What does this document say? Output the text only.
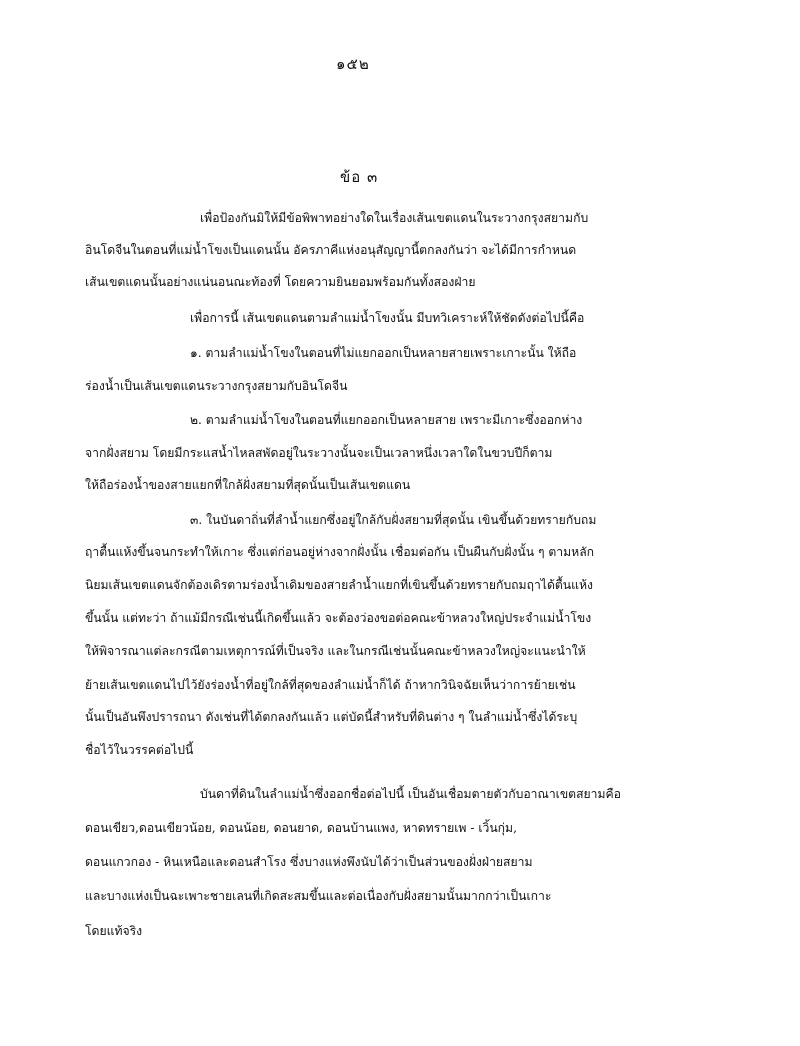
๑๕๒
ข้อ ๓
เพื่อป้องกันมิให้มีข้อพิพาทอย่างใดในเรื่องเส้นเขตแดนในระวางกรุงสยามกับ
อินโดจีนในตอนที่แม่น้ำโขงเป็นแดนนั้น อัครภาคีแห่งอนุสัญญานี้ตกลงกันว่า จะได้มีการกำหนด
เส้นเขตแดนนั้นอย่างแน่นอนณะท้องที่ โดยความยินยอมพร้อมกันทั้งสองฝ่าย
เพื่อการนี้ เส้นเขตแดนตามลำแม่น้ำโขงนั้น มีบทวิเคราะห์ให้ชัดดังต่อไปนี้คือ
๑. ตามลำแม่น้ำโขงในตอนที่ไม่แยกออกเป็นหลายสายเพราะเกาะนั้น ให้ถือ
ร่องน้ำเป็นเส้นเขตแดนระวางกรุงสยามกับอินโดจีน
๒. ตามลำแม่น้ำโขงในตอนที่แยกออกเป็นหลายสาย เพราะมีเกาะซึ่งออกห่าง
จากฝั่งสยาม โดยมีกระแสน้ำไหลสพัดอยู่ในระวางนั้นจะเป็นเวลาหนึ่งเวลาใดในขวบปีก็ตาม
ให้ถือร่องน้ำของสายแยกที่ใกล้ฝั่งสยามที่สุดนั้นเป็นเส้นเขตแดน
๓. ในบันดาถิ่นที่ลำน้ำแยกซึ่งอยู่ใกล้กับฝั่งสยามที่สุดนั้น เขินขึ้นด้วยทรายกับถม
ฤาตื้นแห้งขึ้นจนกระทำให้เกาะ ซึ่งแต่ก่อนอยู่ห่างจากฝั่งนั้น เชื่อมต่อกัน เป็นผืนกับฝั่งนั้น ๆ ตามหลัก
นิยมเส้นเขตแดนจักต้องเดิรตามร่องน้ำเดิมของสายลำน้ำแยกที่เขินขึ้นด้วยทรายกับถมฤาได้ตื้นแห้ง
ขึ้นนั้น แต่ทะว่า ถ้าแม้มีกรณีเช่นนี้เกิดขึ้นแล้ว จะต้องว่องขอต่อคณะข้าหลวงใหญ่ประจำแม่น้ำโขง
ให้พิจารณาแต่ละกรณีตามเหตุการณ์ที่เป็นจริง และในกรณีเช่นนั้นคณะข้าหลวงใหญ่จะแนะนำให้
ย้ายเส้นเขตแดนไปไว้ยังร่องน้ำที่อยู่ใกล้ที่สุดของลำแม่น้ำก็ได้ ถ้าหากวินิจฉัยเห็นว่าการย้ายเช่น
นั้นเป็นอันพึงปรารถนา ดังเช่นที่ได้ตกลงกันแล้ว แต่บัดนี้สำหรับที่ดินต่าง ๆ ในลำแม่น้ำซึ่งได้ระบุ
ชื่อไว้ในวรรคต่อไปนี้
บันดาที่ดินในลำแม่น้ำซึ่งออกชื่อต่อไปนี้ เป็นอันเชื่อมตายตัวกับอาณาเขตสยามคือ
ดอนเขียว,ดอนเขียวน้อย, ดอนน้อย, ดอนยาด, ดอนบ้านแพง, หาดทรายเพ - เวิ้นกุ่ม,
ดอนแกวกอง - หินเหนือและดอนสำโรง ซึ่งบางแห่งพึงนับได้ว่าเป็นส่วนของฝั่งฝ่ายสยาม
และบางแห่งเป็นฉะเพาะชายเลนที่เกิดสะสมขึ้นและต่อเนื่องกับฝั่งสยามนั้นมากกว่าเป็นเกาะ
โดยแท้จริง
